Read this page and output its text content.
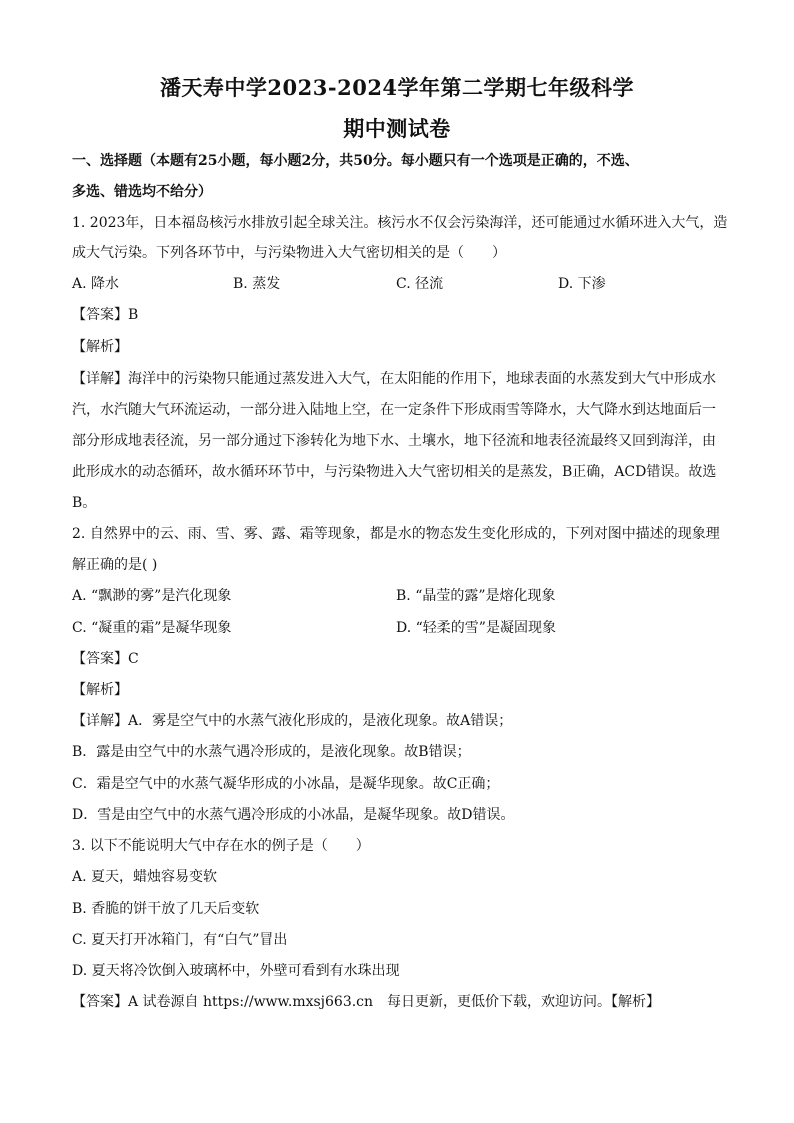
潘天寿中学2023-2024学年第二学期七年级科学
期中测试卷
一、选择题（本题有25小题，每小题2分，共50分。每小题只有一个选项是正确的，不选、
多选、错选均不给分）
1. 2023年，日本福岛核污水排放引起全球关注。核污水不仅会污染海洋，还可能通过水循环进入大气，造
成大气污染。下列各环节中，与污染物进入大气密切相关的是（　　）
A. 降水	B. 蒸发	C. 径流	D. 下渗
【答案】B
【解析】
【详解】海洋中的污染物只能通过蒸发进入大气，在太阳能的作用下，地球表面的水蒸发到大气中形成水
汽，水汽随大气环流运动，一部分进入陆地上空，在一定条件下形成雨雪等降水，大气降水到达地面后一
部分形成地表径流，另一部分通过下渗转化为地下水、土壤水，地下径流和地表径流最终又回到海洋，由
此形成水的动态循环，故水循环环节中，与污染物进入大气密切相关的是蒸发，B正确，ACD错误。故选
B。
2. 自然界中的云、雨、雪、雾、露、霜等现象，都是水的物态发生变化形成的，下列对图中描述的现象理
解正确的是( )
A. “飘渺的雾”是汽化现象	B. “晶莹的露”是熔化现象
C. “凝重的霜”是凝华现象	D. “轻柔的雪”是凝固现象
【答案】C
【解析】
【详解】A．雾是空气中的水蒸气液化形成的，是液化现象。故A错误；
B．露是由空气中的水蒸气遇冷形成的，是液化现象。故B错误；
C．霜是空气中的水蒸气凝华形成的小冰晶，是凝华现象。故C正确；
D．雪是由空气中的水蒸气遇冷形成的小冰晶，是凝华现象。故D错误。
3. 以下不能说明大气中存在水的例子是（　　）
A. 夏天，蜡烛容易变软
B. 香脆的饼干放了几天后变软
C. 夏天打开冰箱门，有“白气”冒出
D. 夏天将冷饮倒入玻璃杯中，外壁可看到有水珠出现
【答案】A 试卷源自 https://www.mxsj663.cn　每日更新，更低价下载，欢迎访问。【解析】
